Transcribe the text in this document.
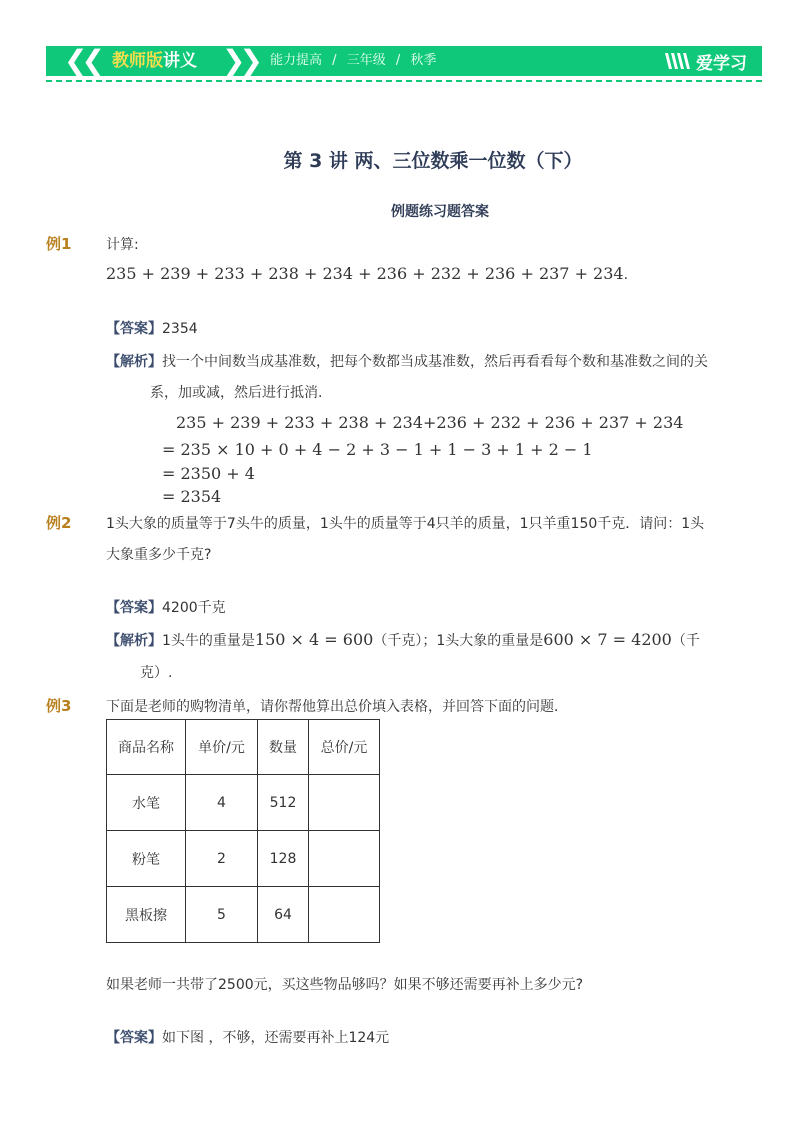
❮❮ 教师版讲义 ❯❯ 能力提高 / 三年级 / 秋季	爱学习
第 3 讲 两、三位数乘一位数（下）
例题练习题答案
例1 计算:
235 + 239 + 233 + 238 + 234 + 236 + 232 + 236 + 237 + 234.
【答案】2354
【解析】找一个中间数当成基准数，把每个数都当成基准数，然后再看看每个数和基准数之间的关
系，加或减，然后进行抵消.
235 + 239 + 233 + 238 + 234+236 + 232 + 236 + 237 + 234
= 235 × 10 + 0 + 4 − 2 + 3 − 1 + 1 − 3 + 1 + 2 − 1
= 2350 + 4
= 2354
例2 1头大象的质量等于7头牛的质量，1头牛的质量等于4只羊的质量，1只羊重150千克．请问：1头
大象重多少千克?
【答案】4200千克
【解析】1头牛的重量是150 × 4 = 600（千克）；1头大象的重量是600 × 7 = 4200（千
克）.
例3 下面是老师的购物清单，请你帮他算出总价填入表格，并回答下面的问题．
商品名称	单价/元	数量	总价/元
水笔	4	512	
粉笔	2	128	
黑板擦	5	64	
如果老师一共带了2500元，买这些物品够吗？如果不够还需要再补上多少元?
【答案】如下图 ，不够，还需要再补上124元
